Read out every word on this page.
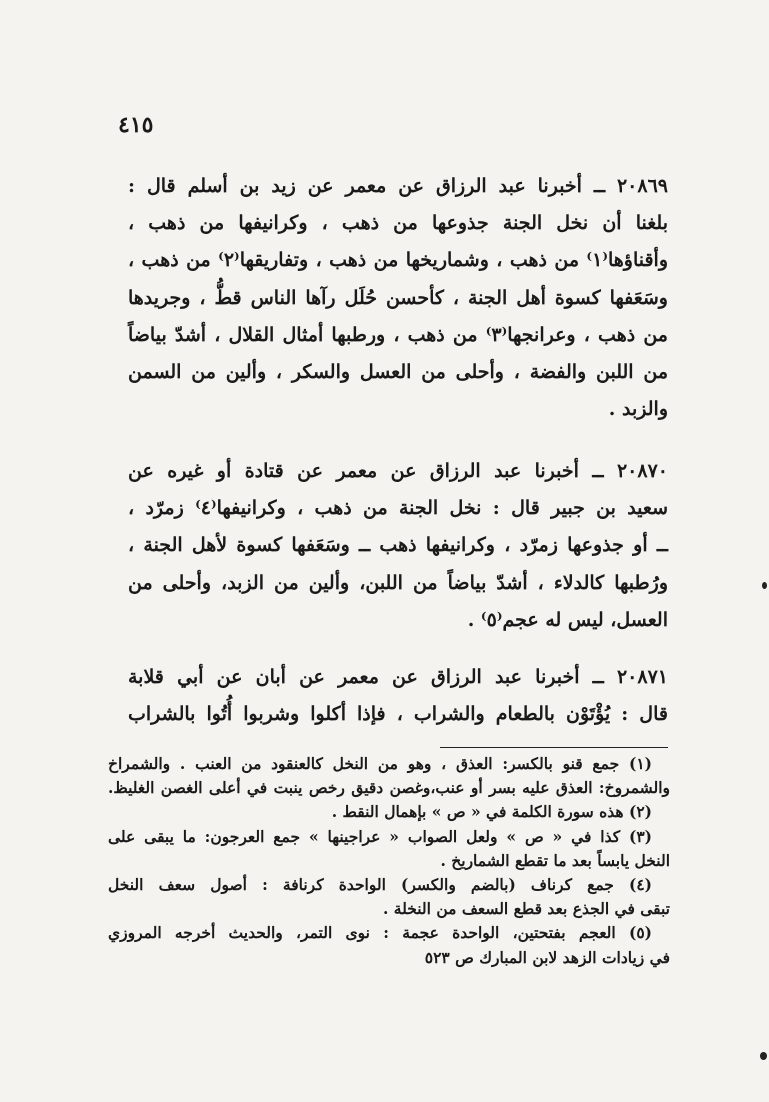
٤١٥
٢٠٨٦٩ ــ أخبرنا عبد الرزاق عن معمر عن زيد بن أسلم قال :
بلغنا أن نخل الجنة جذوعها من ذهب ، وكرانيفها من ذهب ،
وأقناؤها⁽١⁾ من ذهب ، وشماريخها من ذهب ، وتفاريقها⁽٢⁾ من ذهب ،
وسَعَفها كسوة أهل الجنة ، كأحسن حُلَل رآها الناس قطُّ ، وجريدها
من ذهب ، وعرانجها⁽٣⁾ من ذهب ، ورطبها أمثال القلال ، أشدّ بياضاً
من اللبن والفضة ، وأحلى من العسل والسكر ، وألين من السمن
والزبد .
٢٠٨٧٠ ــ أخبرنا عبد الرزاق عن معمر عن قتادة أو غيره عن
سعيد بن جبير قال : نخل الجنة من ذهب ، وكرانيفها⁽٤⁾ زمرّد ،
ــ أو جذوعها زمرّد ، وكرانيفها ذهب ــ وسَعَفها كسوة لأهل الجنة ،
ورُطبها كالدلاء ، أشدّ بياضاً من اللبن، وألين من الزبد، وأحلى من
العسل، ليس له عجم⁽٥⁾ .
٢٠٨٧١ ــ أخبرنا عبد الرزاق عن معمر عن أبان عن أبي قلابة
قال : يُؤْتَوْن بالطعام والشراب ، فإذا أكلوا وشربوا أُتُوا بالشراب
(١) جمع قنو بالكسر: العذق ، وهو من النخل كالعنقود من العنب . والشمراخ
والشمروخ: العذق عليه بسر أو عنب،وغصن دقيق رخص ينبت في أعلى الغصن الغليظ.
(٢) هذه سورة الكلمة في « ص » بإهمال النقط .
(٣) كذا في « ص » ولعل الصواب « عراجينها » جمع العرجون: ما يبقى على
النخل يابساً بعد ما تقطع الشماريخ .
(٤) جمع كرناف (بالضم والكسر) الواحدة كرنافة : أصول سعف النخل
تبقى في الجذع بعد قطع السعف من النخلة .
(٥) العجم بفتحتين، الواحدة عجمة : نوى التمر، والحديث أخرجه المروزي
في زيادات الزهد لابن المبارك ص ٥٢٣
